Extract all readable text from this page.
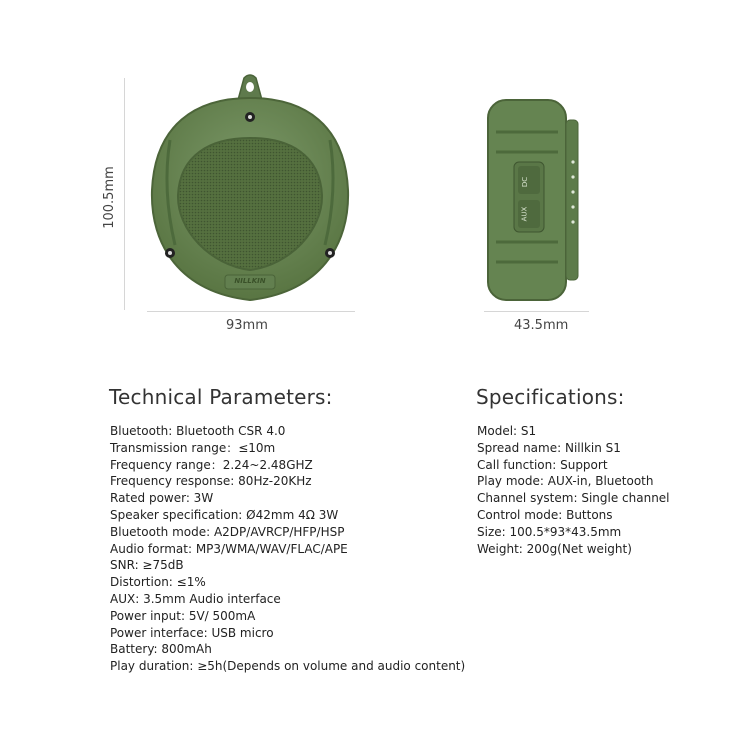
NILLKIN
DC
AUX
100.5mm
93mm	43.5mm
Technical Parameters:
Bluetooth: Bluetooth CSR 4.0
Transmission range：≤10m
Frequency range：2.24~2.48GHZ
Frequency response: 80Hz-20KHz
Rated power: 3W
Speaker specification: Ø42mm 4Ω 3W
Bluetooth mode: A2DP/AVRCP/HFP/HSP
Audio format: MP3/WMA/WAV/FLAC/APE
SNR: ≥75dB
Distortion: ≤1%
AUX: 3.5mm Audio interface
Power input: 5V/ 500mA
Power interface: USB micro
Battery: 800mAh
Play duration: ≥5h(Depends on volume and audio content)
Specifications:
Model: S1
Spread name: Nillkin S1
Call function: Support
Play mode: AUX-in, Bluetooth
Channel system: Single channel
Control mode: Buttons
Size: 100.5*93*43.5mm
Weight: 200g(Net weight)
